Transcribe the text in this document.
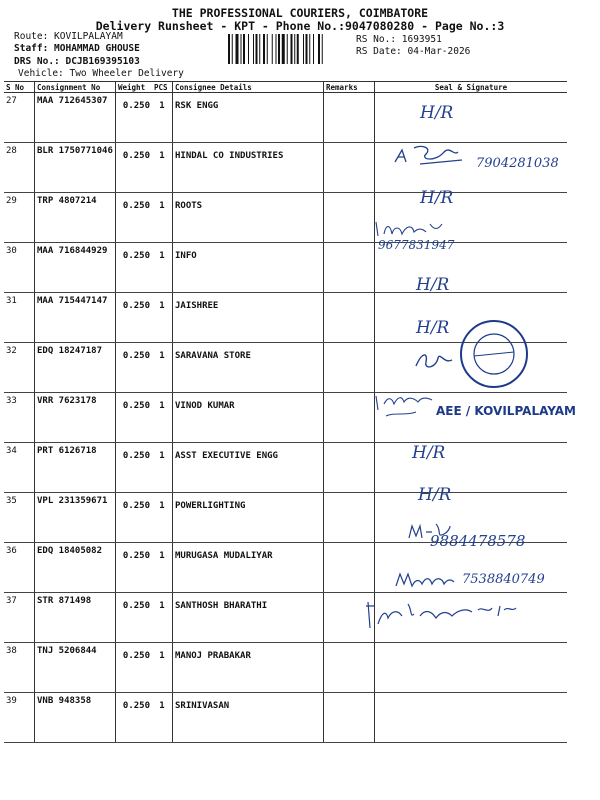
THE PROFESSIONAL COURIERS, COIMBATORE
Delivery Runsheet - KPT - Phone No.:9047080280 - Page No.:3
Route: KOVILPALAYAM
Staff: MOHAMMAD GHOUSE
DRS No.: DCJB169395103
Vehicle: Two Wheeler Delivery
RS No.: 1693951
RS Date: 04-Mar-2026
S No	Consignment No	Weight	PCS	Consignee Details	Remarks	Seal & Signature
27	MAA 712645307	0.250	1	RSK ENGG		
28	BLR 1750771046	0.250	1	HINDAL CO INDUSTRIES		
29	TRP 4807214	0.250	1	ROOTS		
30	MAA 716844929	0.250	1	INFO		
31	MAA 715447147	0.250	1	JAISHREE		
32	EDQ 18247187	0.250	1	SARAVANA STORE		
33	VRR 7623178	0.250	1	VINOD KUMAR		
34	PRT 6126718	0.250	1	ASST EXECUTIVE ENGG		
35	VPL 231359671	0.250	1	POWERLIGHTING		
36	EDQ 18405082	0.250	1	MURUGASA MUDALIYAR		
37	STR 871498	0.250	1	SANTHOSH BHARATHI		
38	TNJ 5206844	0.250	1	MANOJ PRABAKAR		
39	VNB 948358	0.250	1	SRINIVASAN		
H/R
7904281038
H/R
9677831947
H/R
H/R
AEE / KOVILPALAYAM
H/R
H/R
9884478578
7538840749
